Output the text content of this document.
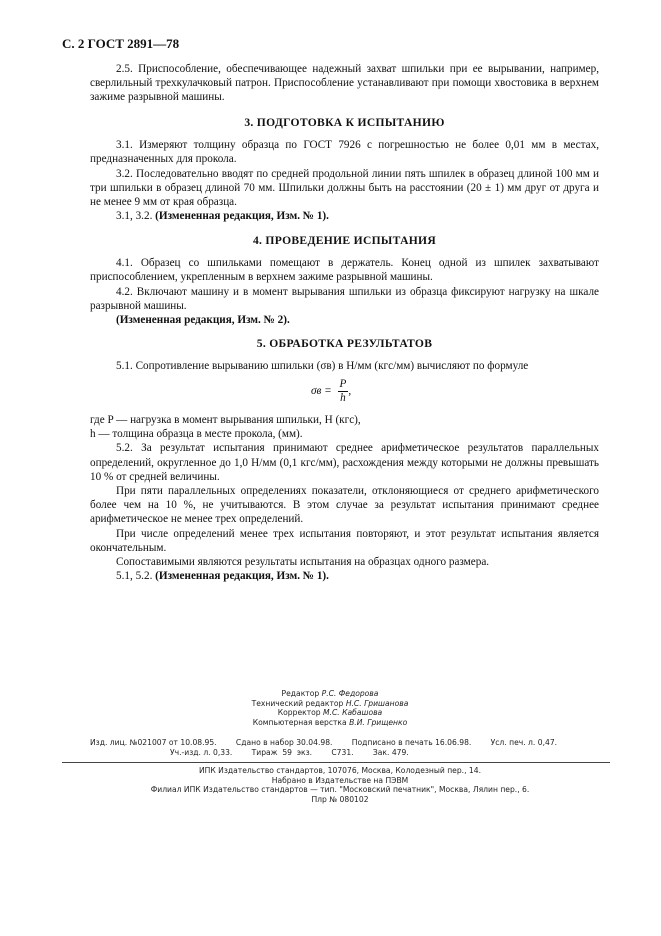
С. 2 ГОСТ 2891—78

2.5. Приспособление, обеспечивающее надежный захват шпильки при ее вырывании, например, сверлильный трехкулачковый патрон. Приспособление устанавливают при помощи хвостовика в верхнем зажиме разрывной машины.

3. ПОДГОТОВКА К ИСПЫТАНИЮ

3.1. Измеряют толщину образца по ГОСТ 7926 с погрешностью не более 0,01 мм в местах, предназначенных для прокола.

3.2. Последовательно вводят по средней продольной линии пять шпилек в образец длиной 100 мм и три шпильки в образец длиной 70 мм. Шпильки должны быть на расстоянии (20 ± 1) мм друг от друга и не менее 9 мм от края образца.

3.1, 3.2. (Измененная редакция, Изм. № 1).

4. ПРОВЕДЕНИЕ ИСПЫТАНИЯ

4.1. Образец со шпильками помещают в держатель. Конец одной из шпилек захватывают приспособлением, укрепленным в верхнем зажиме разрывной машины.

4.2. Включают машину и в момент вырывания шпильки из образца фиксируют нагрузку на шкале разрывной машины.

(Измененная редакция, Изм. № 2).

5. ОБРАБОТКА РЕЗУЛЬТАТОВ

5.1. Сопротивление вырыванию шпильки (σв) в Н/мм (кгс/мм) вычисляют по формуле

$\sigma в = \frac{P}{h}$ ,

где P — нагрузка в момент вырывания шпильки, Н (кгс),

h — толщина образца в месте прокола, (мм).

5.2. За результат испытания принимают среднее арифметическое результатов параллельных определений, округленное до 1,0 Н/мм (0,1 кгс/мм), расхождения между которыми не должны превышать 10 % от средней величины.

При пяти параллельных определениях показатели, отклоняющиеся от среднего арифметического более чем на 10 %, не учитываются. В этом случае за результат испытания принимают среднее арифметическое не менее трех определений.

При числе определений менее трех испытания повторяют, и этот результат испытания является окончательным.

Сопоставимыми являются результаты испытания на образцах одного размера.

5.1, 5.2. (Измененная редакция, Изм. № 1).

Редактор Р.С. Федорова
Технический редактор Н.С. Гришанова
Корректор М.С. Кабашова
Компьютерная верстка В.И. Грищенко
Изд. лиц. №021007 от 10.08.95.        Сдано в набор 30.04.98.        Подписано в печать 16.06.98.        Усл. печ. л. 0,47.
Уч.-изд. л. 0,33.        Тираж  59  экз.        С731.        Зак. 479.
ИПК Издательство стандартов, 107076, Москва, Колодезный пер., 14.
Набрано в Издательстве на ПЭВМ
Филиал ИПК Издательство стандартов — тип. "Московский печатник", Москва, Лялин пер., 6.
Плр № 080102
